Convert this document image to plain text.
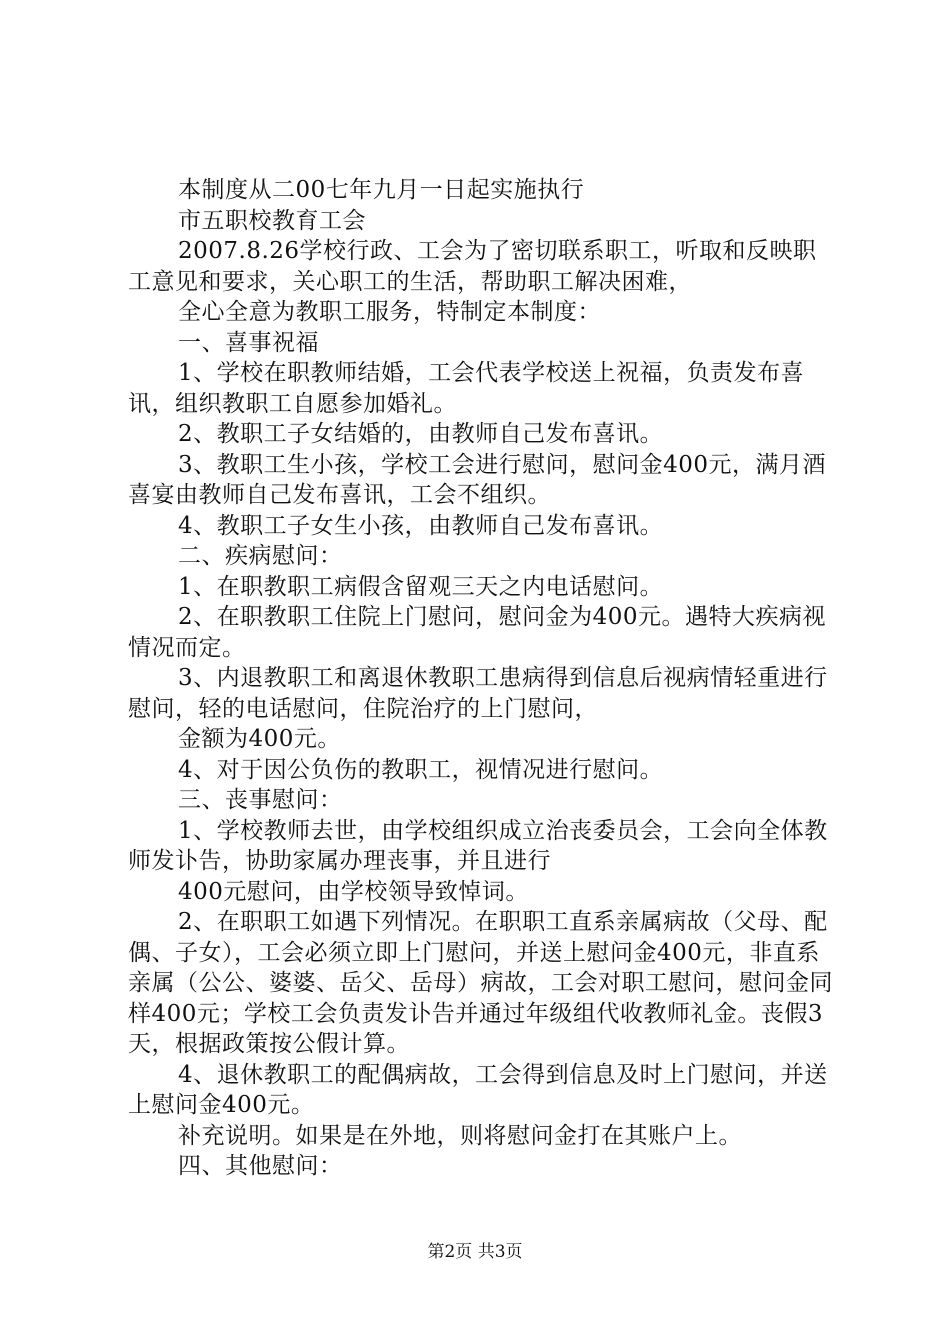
本制度从二00七年九月一日起实施执行

市五职校教育工会

2007.8.26学校行政、工会为了密切联系职工，听取和反映职工意见和要求，关心职工的生活，帮助职工解决困难，

全心全意为教职工服务，特制定本制度：

一、喜事祝福

1、学校在职教师结婚，工会代表学校送上祝福，负责发布喜讯，组织教职工自愿参加婚礼。

2、教职工子女结婚的，由教师自己发布喜讯。

3、教职工生小孩，学校工会进行慰问，慰问金400元，满月酒喜宴由教师自己发布喜讯，工会不组织。

4、教职工子女生小孩，由教师自己发布喜讯。

二、疾病慰问：

1、在职教职工病假含留观三天之内电话慰问。

2、在职教职工住院上门慰问，慰问金为400元。遇特大疾病视情况而定。

3、内退教职工和离退休教职工患病得到信息后视病情轻重进行慰问，轻的电话慰问，住院治疗的上门慰问，

金额为400元。

4、对于因公负伤的教职工，视情况进行慰问。

三、丧事慰问：

1、学校教师去世，由学校组织成立治丧委员会，工会向全体教师发讣告，协助家属办理丧事，并且进行

400元慰问，由学校领导致悼词。

2、在职职工如遇下列情况。在职职工直系亲属病故（父母、配偶、子女），工会必须立即上门慰问，并送上慰问金400元，非直系亲属（公公、婆婆、岳父、岳母）病故，工会对职工慰问，慰问金同样400元；学校工会负责发讣告并通过年级组代收教师礼金。丧假3天，根据政策按公假计算。

4、退休教职工的配偶病故，工会得到信息及时上门慰问，并送上慰问金400元。

补充说明。如果是在外地，则将慰问金打在其账户上。

四、其他慰问：

第2页 共3页
